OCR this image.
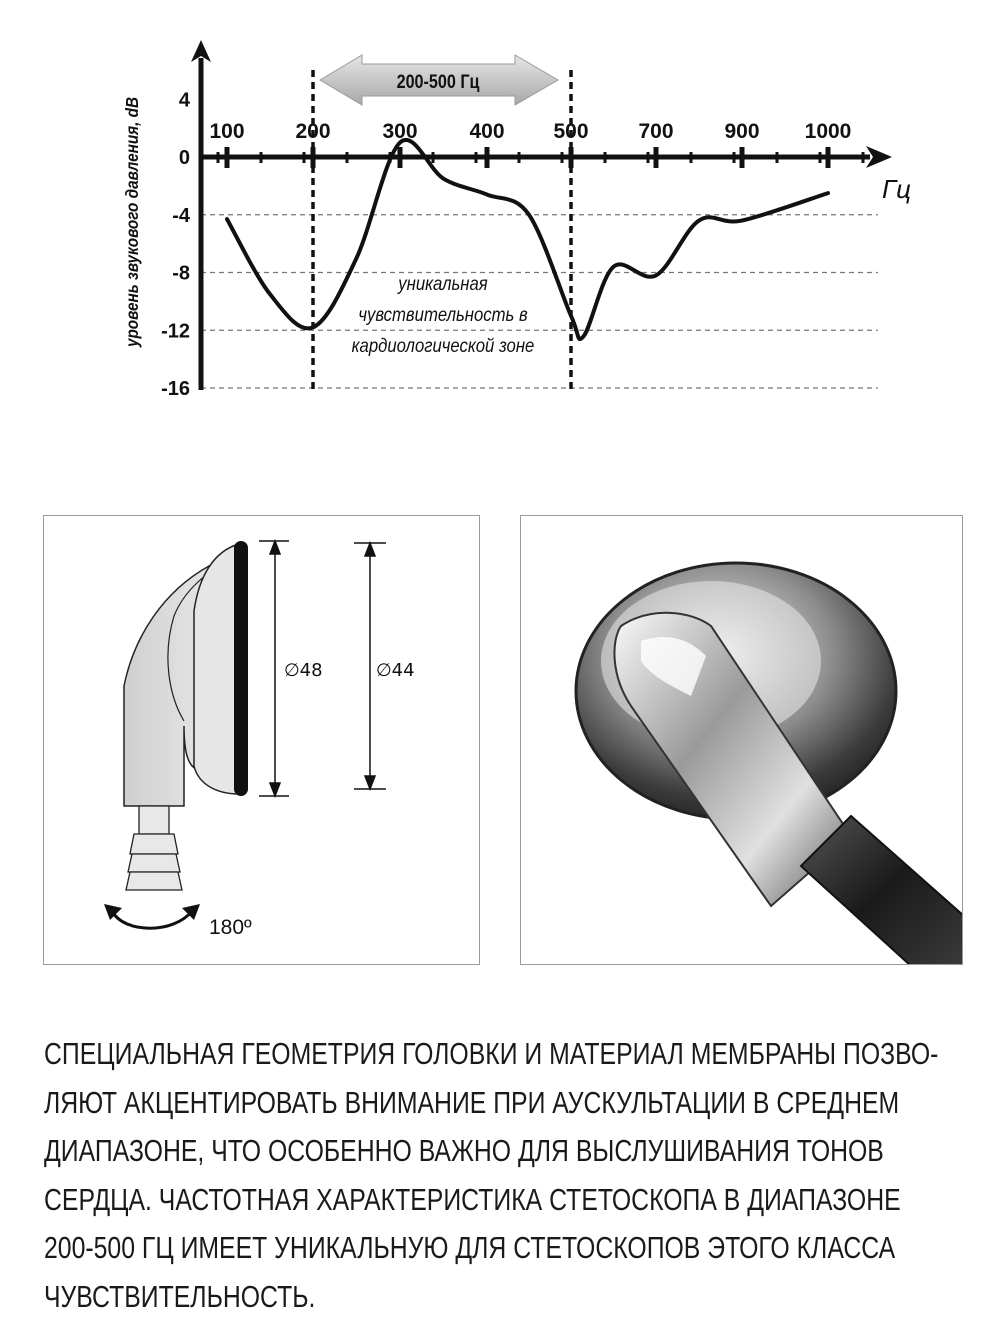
200-500 Гц
100 200 300 400 500 700 900 1000
4
0
-4
-8
-12
-16
Гц
уровень звукового давления, dB	уникальная
чувствительность в
кардиологической зоне
180º
∅48	∅44
СПЕЦИАЛЬНАЯ ГЕОМЕТРИЯ ГОЛОВКИ И МАТЕРИАЛ МЕМБРАНЫ ПОЗВО-
ЛЯЮТ АКЦЕНТИРОВАТЬ ВНИМАНИЕ ПРИ АУСКУЛЬТАЦИИ В СРЕДНЕМ
ДИАПАЗОНЕ, ЧТО ОСОБЕННО ВАЖНО ДЛЯ ВЫСЛУШИВАНИЯ ТОНОВ
СЕРДЦА. ЧАСТОТНАЯ ХАРАКТЕРИСТИКА СТЕТОСКОПА В ДИАПАЗОНЕ
200-500 ГЦ ИМЕЕТ УНИКАЛЬНУЮ ДЛЯ СТЕТОСКОПОВ ЭТОГО КЛАССА
ЧУВСТВИТЕЛЬНОСТЬ.
